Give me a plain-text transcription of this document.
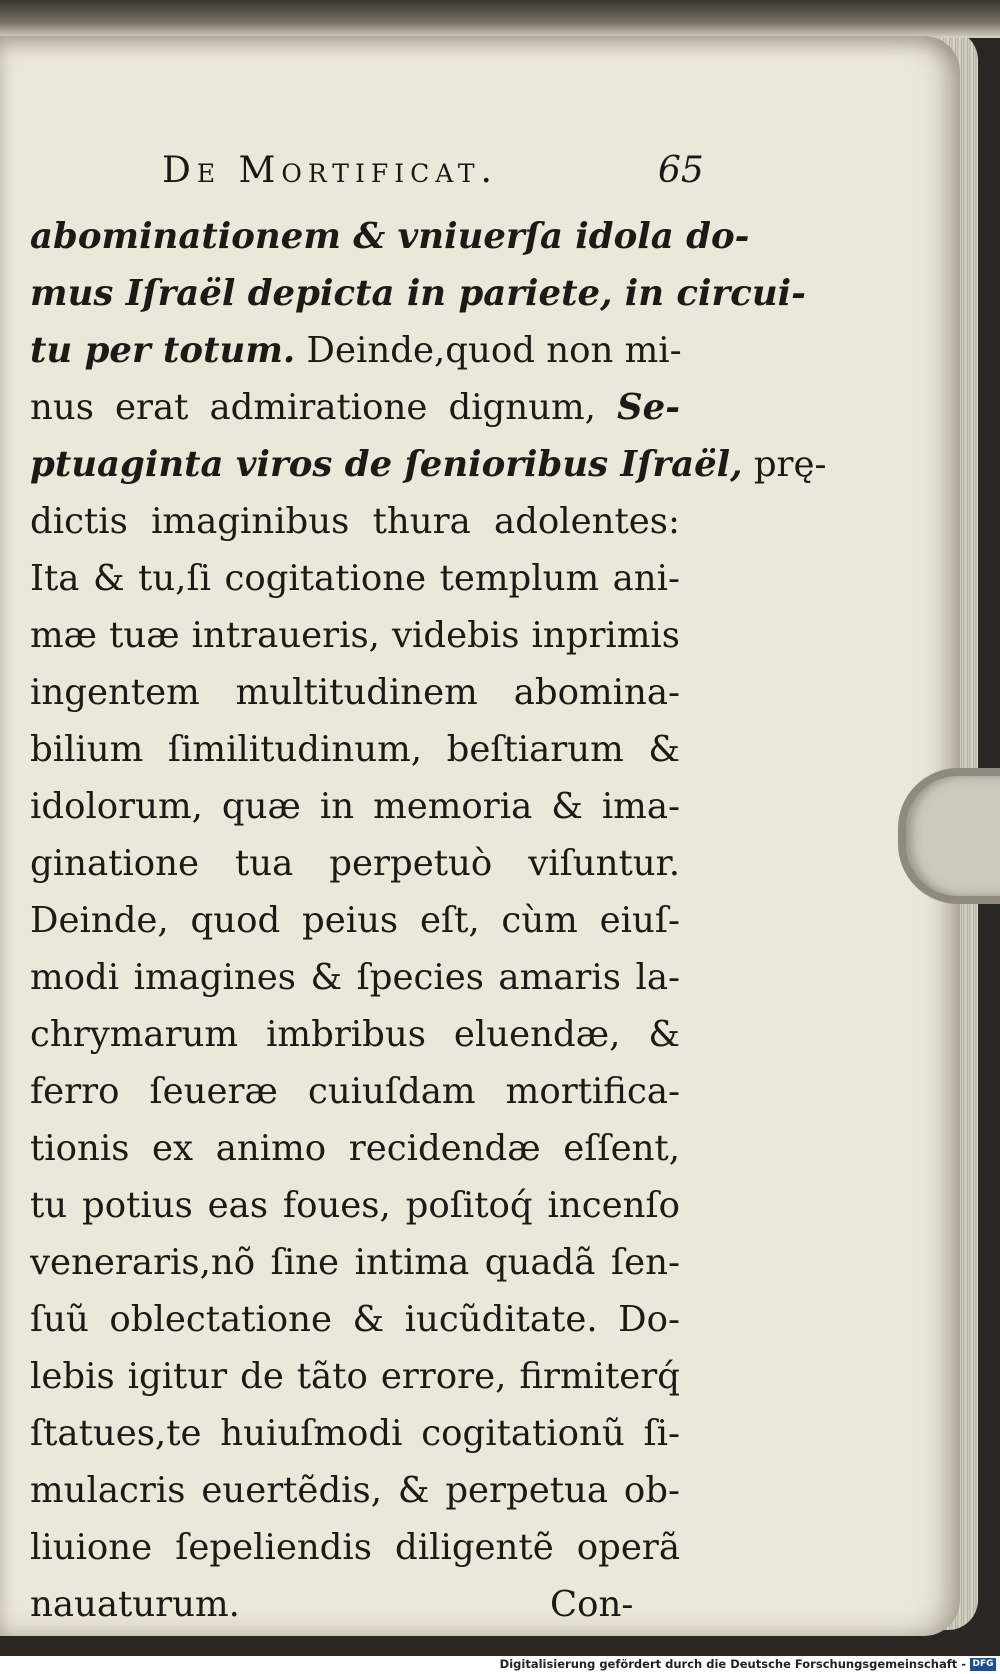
De Mortificat.	65
abominationem & vniuerſa idola do-
mus Iſraël depicta in pariete, in circui-
tu per totum. Deinde,quod non mi-
nus erat admiratione dignum, Se-
ptuaginta viros de ſenioribus Iſraël, prę-
dictis imaginibus thura adolentes:
Ita & tu,ſi cogitatione templum ani-
mæ tuæ intraueris, videbis inprimis
ingentem multitudinem abomina-
bilium ſimilitudinum, beſtiarum &
idolorum, quæ in memoria & ima-
ginatione tua perpetuò viſuntur.
Deinde, quod peius eſt, cùm eiuſ-
modi imagines & ſpecies amaris la-
chrymarum imbribus eluendæ, &
ferro ſeueræ cuiuſdam mortifica-
tionis ex animo recidendæ eſſent,
tu potius eas foues, poſitoq́ incenſo
veneraris,nõ ſine intima quadã ſen-
ſuũ oblectatione & iucũditate. Do-
lebis igitur de tãto errore, firmiterq́
ſtatues,te huiuſmodi cogitationũ ſi-
mulacris euertẽdis, & perpetua ob-
liuione ſepeliendis diligentẽ operã
nauaturum.	Con-
Digitalisierung gefördert durch die Deutsche Forschungsgemeinschaft - DFG
